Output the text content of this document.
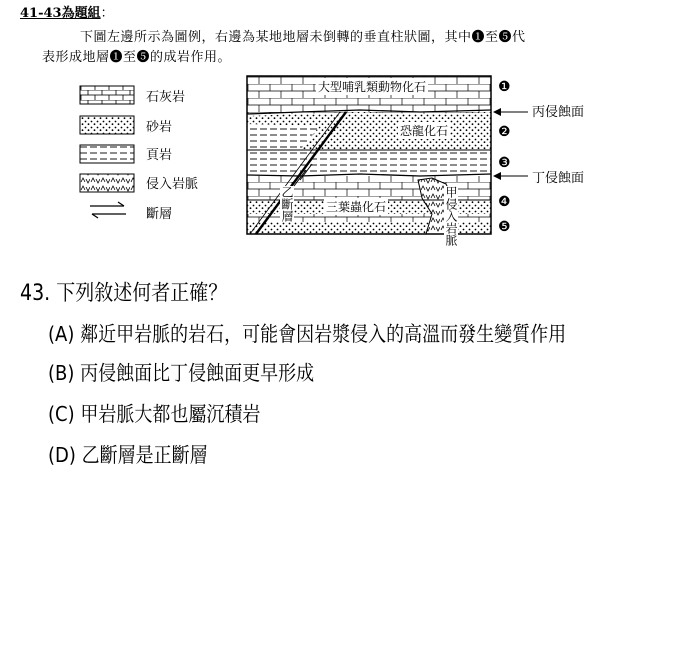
41-43為題組：
下圖左邊所示為圖例，右邊為某地地層未倒轉的垂直柱狀圖，其中❶至❺代
表形成地層❶至❺的成岩作用。
石灰岩
砂岩
頁岩
侵入岩脈
斷層
大型哺乳類動物化石
恐龍化石
三葉蟲化石
乙斷層	甲侵入岩脈
❶
❷
❸
❹
❺
丙侵蝕面
丁侵蝕面
43. 下列敘述何者正確？
(A) 鄰近甲岩脈的岩石，可能會因岩漿侵入的高溫而發生變質作用
(B) 丙侵蝕面比丁侵蝕面更早形成
(C) 甲岩脈大都也屬沉積岩
(D) 乙斷層是正斷層
